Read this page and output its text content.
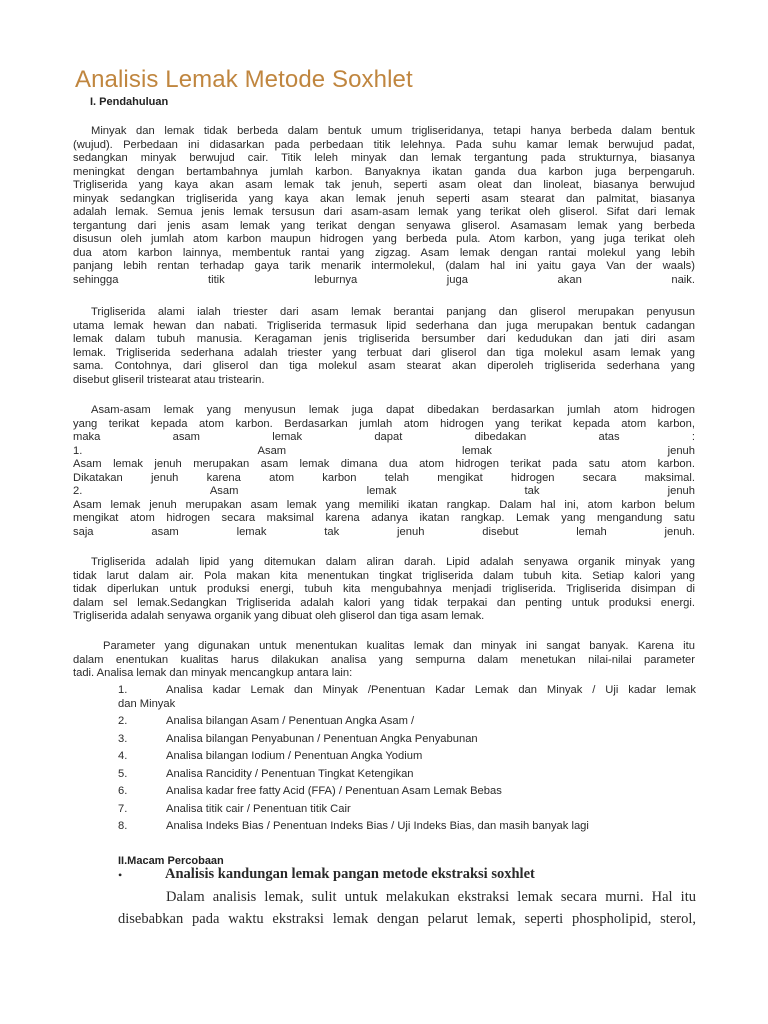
Analisis Lemak Metode Soxhlet

I. Pendahuluan

Minyak dan lemak tidak berbeda dalam bentuk umum trigliseridanya, tetapi hanya berbeda dalam bentuk
(wujud). Perbedaan ini didasarkan pada perbedaan titik lelehnya. Pada suhu kamar lemak berwujud padat,
sedangkan minyak berwujud cair. Titik leleh minyak dan lemak tergantung pada strukturnya, biasanya
meningkat dengan bertambahnya jumlah karbon. Banyaknya ikatan ganda dua karbon juga berpengaruh.
Trigliserida yang kaya akan asam lemak tak jenuh, seperti asam oleat dan linoleat, biasanya berwujud
minyak sedangkan trigliserida yang kaya akan lemak jenuh seperti asam stearat dan palmitat, biasanya
adalah lemak. Semua jenis lemak tersusun dari asam-asam lemak yang terikat oleh gliserol. Sifat dari lemak
tergantung dari jenis asam lemak yang terikat dengan senyawa gliserol. Asamasam lemak yang berbeda
disusun oleh jumlah atom karbon maupun hidrogen yang berbeda pula. Atom karbon, yang juga terikat oleh
dua atom karbon lainnya, membentuk rantai yang zigzag. Asam lemak dengan rantai molekul yang lebih
panjang lebih rentan terhadap gaya tarik menarik intermolekul, (dalam hal ini yaitu gaya Van der waals)
sehingga titik leburnya juga akan naik.
Trigliserida alami ialah triester dari asam lemak berantai panjang dan gliserol merupakan penyusun
utama lemak hewan dan nabati. Trigliserida termasuk lipid sederhana dan juga merupakan bentuk cadangan
lemak dalam tubuh manusia. Keragaman jenis trigliserida bersumber dari kedudukan dan jati diri asam
lemak. Trigliserida sederhana adalah triester yang terbuat dari gliserol dan tiga molekul asam lemak yang
sama. Contohnya, dari gliserol dan tiga molekul asam stearat akan diperoleh trigliserida sederhana yang
disebut gliseril tristearat atau tristearin.
Asam-asam lemak yang menyusun lemak juga dapat dibedakan berdasarkan jumlah atom hidrogen
yang terikat kepada atom karbon. Berdasarkan jumlah atom hidrogen yang terikat kepada atom karbon,
maka asam lemak dapat dibedakan atas :
1. Asam lemak jenuh
Asam lemak jenuh merupakan asam lemak dimana dua atom hidrogen terikat pada satu atom karbon.
Dikatakan jenuh karena atom karbon telah mengikat hidrogen secara maksimal.
2. Asam lemak tak jenuh
Asam lemak jenuh merupakan asam lemak yang memiliki ikatan rangkap. Dalam hal ini, atom karbon belum
mengikat atom hidrogen secara maksimal karena adanya ikatan rangkap. Lemak yang mengandung satu
saja asam lemak tak jenuh disebut lemah jenuh.
Trigliserida adalah lipid yang ditemukan dalam aliran darah. Lipid adalah senyawa organik minyak yang
tidak larut dalam air. Pola makan kita menentukan tingkat trigliserida dalam tubuh kita. Setiap kalori yang
tidak diperlukan untuk produksi energi, tubuh kita mengubahnya menjadi trigliserida. Trigliserida disimpan di
dalam sel lemak.Sedangkan Trigliserida adalah kalori yang tidak terpakai dan penting untuk produksi energi.
Trigliserida adalah senyawa organik yang dibuat oleh gliserol dan tiga asam lemak.
Parameter yang digunakan untuk menentukan kualitas lemak dan minyak ini sangat banyak. Karena itu
dalam enentukan kualitas harus dilakukan analisa yang sempurna dalam menetukan nilai-nilai parameter
tadi. Analisa lemak dan minyak mencangkup antara lain:
1.	Analisa kadar Lemak dan Minyak /Penentuan Kadar Lemak dan Minyak / Uji kadar lemak
dan Minyak
2.	Analisa bilangan Asam / Penentuan Angka Asam /
3.	Analisa bilangan Penyabunan / Penentuan Angka Penyabunan
4.	Analisa bilangan Iodium / Penentuan Angka Yodium
5.	Analisa Rancidity / Penentuan Tingkat Ketengikan
6.	Analisa kadar free fatty Acid (FFA) / Penentuan Asam Lemak Bebas
7.	Analisa titik cair / Penentuan titik Cair
8.	Analisa Indeks Bias / Penentuan Indeks Bias / Uji Indeks Bias, dan masih banyak lagi

II.Macam Percobaan

•	Analisis kandungan lemak pangan metode ekstraksi soxhlet
Dalam analisis lemak, sulit untuk melakukan ekstraksi lemak secara murni. Hal itu
disebabkan pada waktu ekstraksi lemak dengan pelarut lemak, seperti phospholipid, sterol,
